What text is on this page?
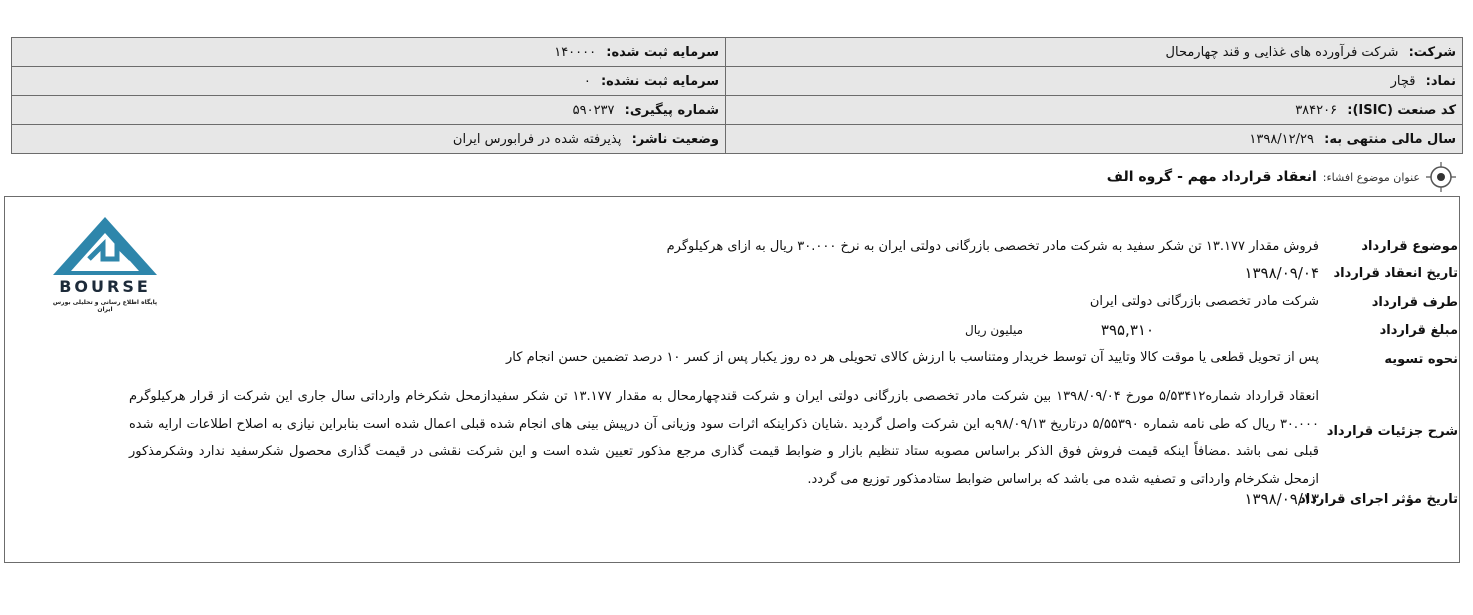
شرکت: شرکت فرآورده های غذایی و قند چهارمحال	سرمایه ثبت شده: ۱۴۰۰۰۰
نماد: قچار	سرمایه ثبت نشده: ۰
کد صنعت (ISIC): ۳۸۴۲۰۶	شماره پیگیری: ۵۹۰۲۳۷
سال مالی منتهی به: ۱۳۹۸/۱۲/۲۹	وضعیت ناشر: پذیرفته شده در فرابورس ایران
عنوان موضوع افشاء:
انعقاد قرارداد مهم - گروه الف
موضوع قرارداد
فروش مقدار ۱۳.۱۷۷ تن شکر سفید به شرکت مادر تخصصی بازرگانی دولتی ایران به نرخ ۳۰.۰۰۰ ریال به ازای هرکیلوگرم
تاریخ انعقاد قرارداد
۱۳۹۸/۰۹/۰۴
طرف قرارداد
شرکت مادر تخصصی بازرگانی دولتی ایران
مبلغ قرارداد
۳۹۵,۳۱۰
میلیون ریال
نحوه تسویه
پس از تحویل قطعی یا موقت کالا وتایید آن توسط خریدار ومتناسب با ارزش کالای تحویلی هر ده روز یکبار پس از کسر ۱۰ درصد تضمین حسن انجام کار
شرح جزئیات قرارداد
انعقاد قرارداد شماره۵/۵۳۴۱۲ مورخ ۱۳۹۸/۰۹/۰۴ بین شرکت مادر تخصصی بازرگانی دولتی ایران و شرکت قندچهارمحال به مقدار ۱۳.۱۷۷ تن شکر سفیدازمحل شکرخام وارداتی سال جاری این شرکت از قرار هرکیلوگرم ۳۰.۰۰۰ ریال که طی نامه شماره ۵/۵۵۳۹۰ درتاریخ ۹۸/۰۹/۱۳به این شرکت واصل گردید .شایان ذکراینکه اثرات سود وزیانی آن درپیش بینی های انجام شده قبلی اعمال شده است بنابراین نیازی به اصلاح اطلاعات ارایه شده قبلی نمی باشد .مضافاً اینکه قیمت فروش فوق الذکر براساس مصوبه ستاد تنظیم بازار و ضوابط قیمت گذاری مرجع مذکور تعیین شده است و این شرکت نقشی در قیمت گذاری محصول شکرسفید ندارد وشکرمذکور ازمحل شکرخام وارداتی و تصفیه شده می باشد که براساس ضوابط ستادمذکور توزیع می گردد.
تاریخ مؤثر اجرای قرارداد
۱۳۹۸/۰۹/۱۳
BOURSE
پایگاه اطلاع رسانی و تحلیلی بورس ایران
